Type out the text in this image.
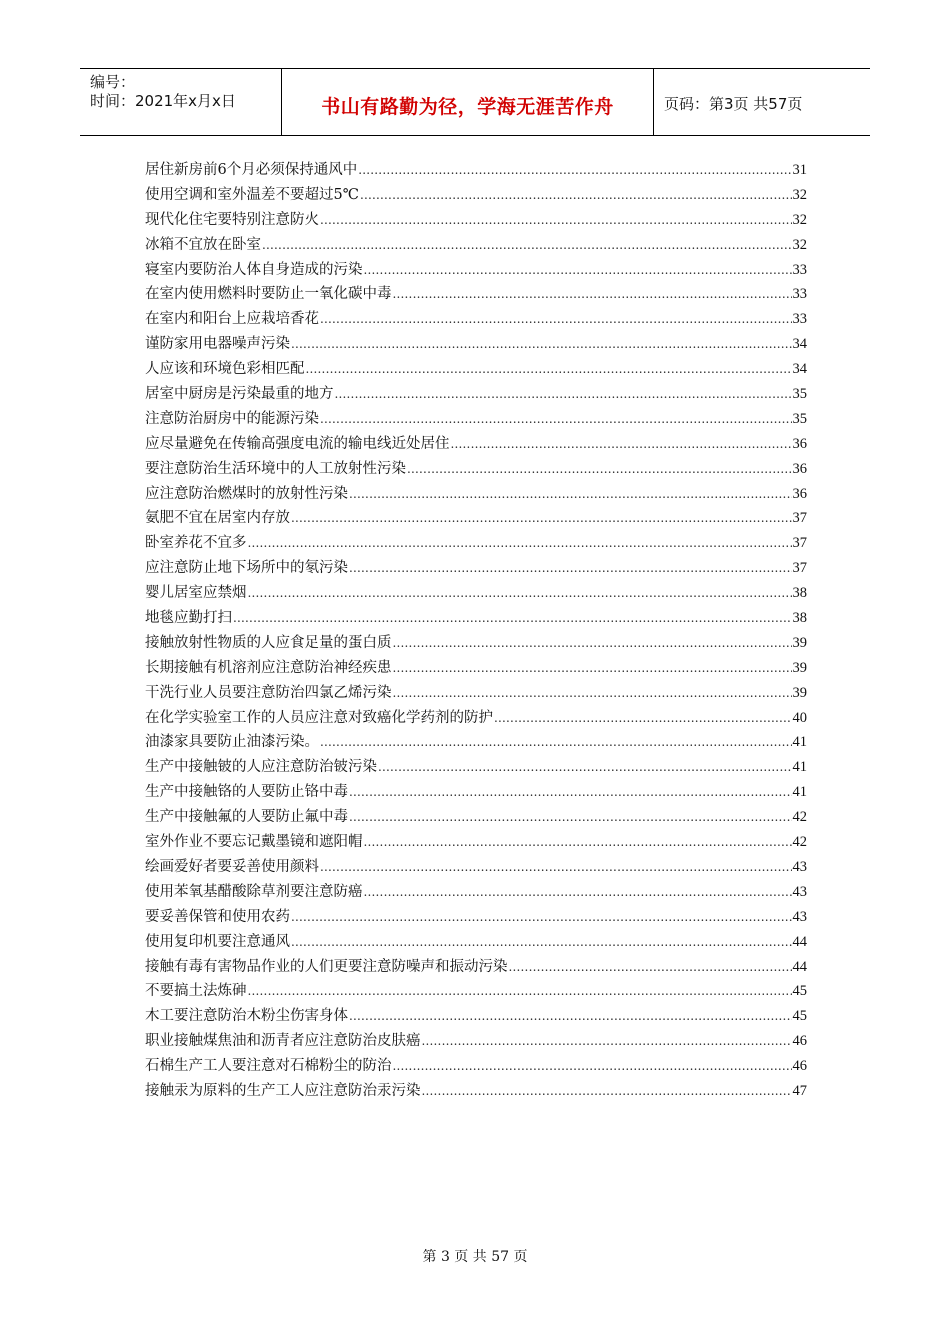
编号：
时间：2021年x月x日	书山有路勤为径，学海无涯苦作舟	页码：第3页 共57页
居住新房前6个月必须保持通风中 .....	31
使用空调和室外温差不要超过5℃ .....	32
现代化住宅要特别注意防火 .....	32
冰箱不宜放在卧室 .....	32
寝室内要防治人体自身造成的污染 .....	33
在室内使用燃料时要防止一氧化碳中毒 .....	33
在室内和阳台上应栽培香花 .....	33
谨防家用电器噪声污染 .....	34
人应该和环境色彩相匹配 .....	34
居室中厨房是污染最重的地方 .....	35
注意防治厨房中的能源污染 .....	35
应尽量避免在传输高强度电流的输电线近处居住 .....	36
要注意防治生活环境中的人工放射性污染 .....	36
应注意防治燃煤时的放射性污染 .....	36
氨肥不宜在居室内存放 .....	37
卧室养花不宜多 .....	37
应注意防止地下场所中的氡污染 .....	37
婴儿居室应禁烟 .....	38
地毯应勤打扫 .....	38
接触放射性物质的人应食足量的蛋白质 .....	39
长期接触有机溶剂应注意防治神经疾患 .....	39
干洗行业人员要注意防治四氯乙烯污染 .....	39
在化学实验室工作的人员应注意对致癌化学药剂的防护 .....	40
油漆家具要防止油漆污染。 .....	41
生产中接触铍的人应注意防治铍污染 .....	41
生产中接触铬的人要防止铬中毒 .....	41
生产中接触氟的人要防止氟中毒 .....	42
室外作业不要忘记戴墨镜和遮阳帽 .....	42
绘画爱好者要妥善使用颜料 .....	43
使用苯氧基醋酸除草剂要注意防癌 .....	43
要妥善保管和使用农药 .....	43
使用复印机要注意通风 .....	44
接触有毒有害物品作业的人们更要注意防噪声和振动污染 .....	44
不要搞土法炼砷 .....	45
木工要注意防治木粉尘伤害身体 .....	45
职业接触煤焦油和沥青者应注意防治皮肤癌 .....	46
石棉生产工人要注意对石棉粉尘的防治 .....	46
接触汞为原料的生产工人应注意防治汞污染 .....	47
第 3 页 共 57 页
